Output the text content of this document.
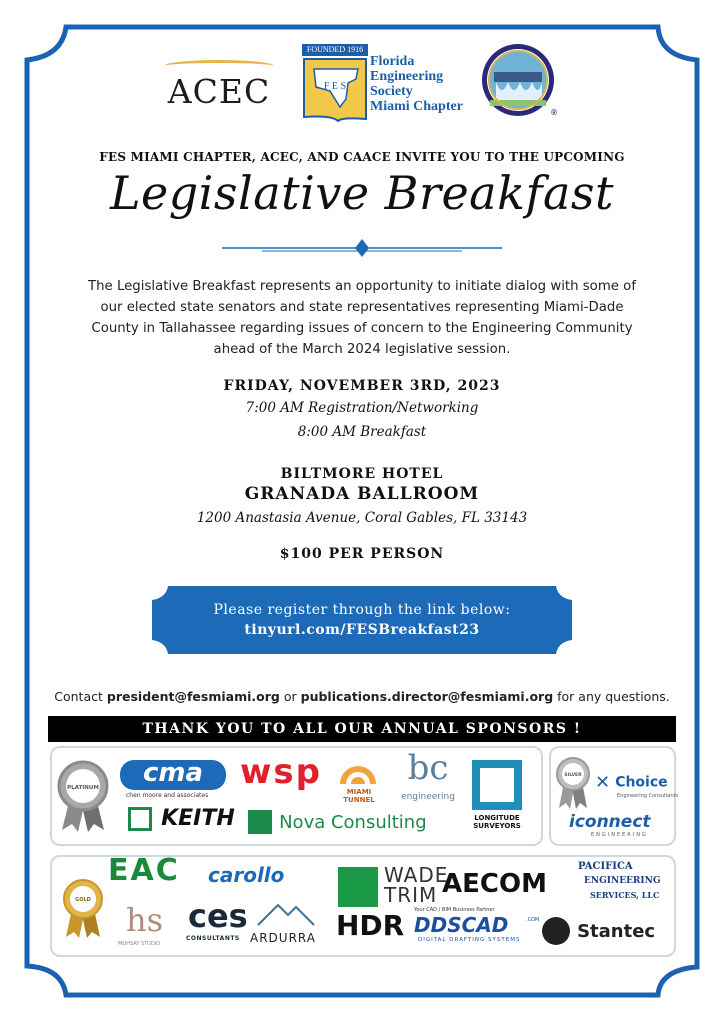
ACEC
FOUNDED 1916
F E S
Florida
Engineering
Society
Miami Chapter	®
FES MIAMI CHAPTER, ACEC, AND CAACE INVITE YOU TO THE UPCOMING
Legislative Breakfast
The Legislative Breakfast represents an opportunity to initiate dialog with some of our elected state senators and state representatives representing Miami-Dade County in Tallahassee regarding issues of concern to the Engineering Community ahead of the March 2024 legislative session.
FRIDAY, NOVEMBER 3RD, 2023
7:00 AM Registration/Networking
8:00 AM Breakfast
BILTMORE HOTEL
GRANADA BALLROOM
1200 Anastasia Avenue, Coral Gables, FL 33143
$100 PER PERSON
Please register through the link below:
tinyurl.com/FESBreakfast23
Contact president@fesmiami.org or publications.director@fesmiami.org for any questions.
THANK YOU TO ALL OUR ANNUAL SPONSORS !
PLATINUM	cma
chen moore and associates
wsp	MIAMI TUNNEL
bc
engineering
LONGITUDE SURVEYORS
KEITH	Nova Consulting
SILVER ✕ Choice
Engineering Consultants
iconnect
ENGINEERING
GOLD
EAC carollo	WADE
TRIM AECOM
PACIFICA
ENGINEERING
SERVICES, LLC
hs
MOHSAY STUDIO
ces
CONSULTANTS ARDURRA HDR Your CAD / BIM Business Partner
DDSCAD	.COM
DIGITAL DRAFTING SYSTEMS	Stantec
